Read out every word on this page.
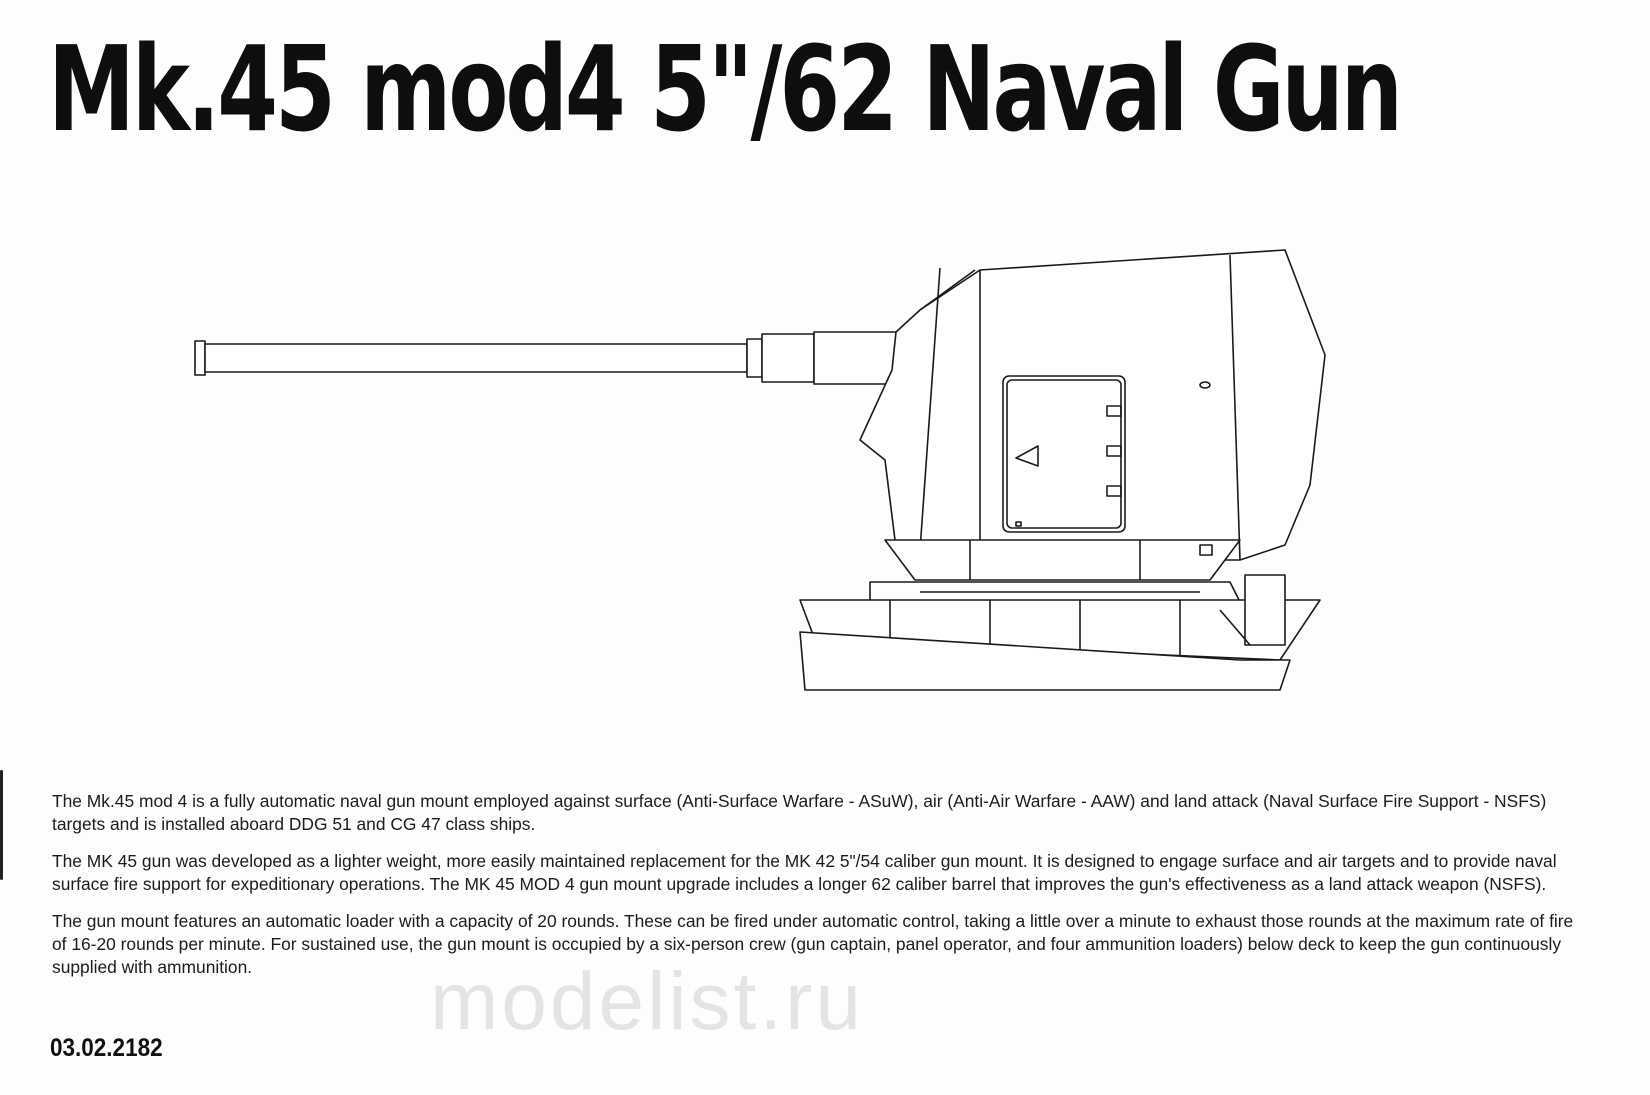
Mk.45 mod4 5"/62 Naval Gun

The Mk.45 mod 4 is a fully automatic naval gun mount employed against surface (Anti-Surface Warfare - ASuW), air (Anti-Air Warfare - AAW) and land attack (Naval Surface Fire Support - NSFS) targets and is installed aboard DDG 51 and CG 47 class ships.

The MK 45 gun was developed as a lighter weight, more easily maintained replacement for the MK 42 5"/54 caliber gun mount. It is designed to engage surface and air targets and to provide naval surface fire support for expeditionary operations. The MK 45 MOD 4 gun mount upgrade includes a longer 62 caliber barrel that improves the gun's effectiveness as a land attack weapon (NSFS).

The gun mount features an automatic loader with a capacity of 20 rounds. These can be fired under automatic control, taking a little over a minute to exhaust those rounds at the maximum rate of fire of 16-20 rounds per minute. For sustained use, the gun mount is occupied by a six-person crew (gun captain, panel operator, and four ammunition loaders) below deck to keep the gun continuously supplied with ammunition.	modelist.ru
03.02.2182
